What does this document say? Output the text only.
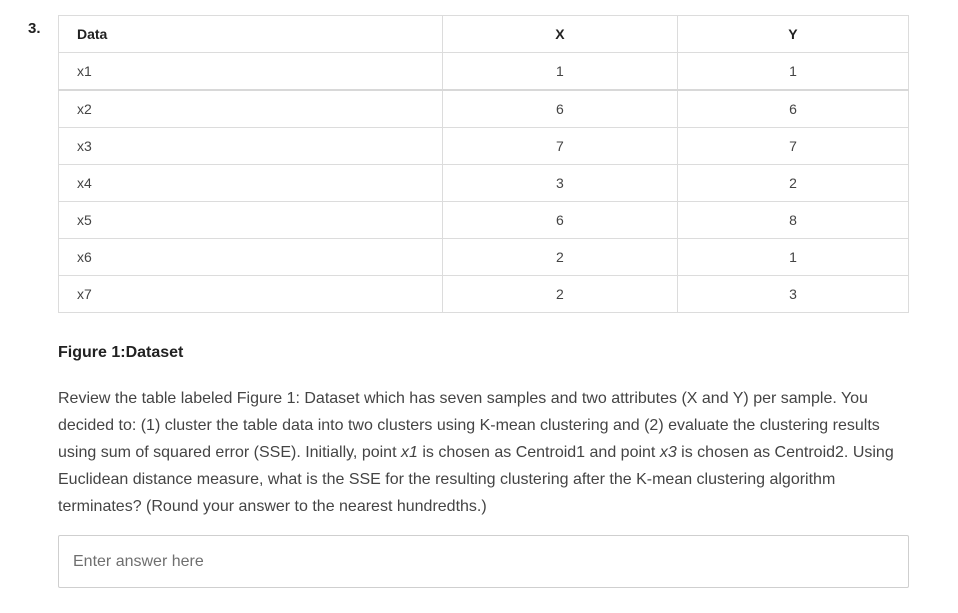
3.	Data	X	Y
x1	1	1
x2	6	6
x3	7	7
x4	3	2
x5	6	8
x6	2	1
x7	2	3
Figure 1:Dataset

Review the table labeled Figure 1: Dataset which has seven samples and two attributes (X and Y) per sample. You decided to: (1) cluster the table data into two clusters using K-mean clustering and (2) evaluate the clustering results using sum of squared error (SSE). Initially, point x1 is chosen as Centroid1 and point x3 is chosen as Centroid2. Using Euclidean distance measure, what is the SSE for the resulting clustering after the K-mean clustering algorithm terminates? (Round your answer to the nearest hundredths.)

Enter answer here
